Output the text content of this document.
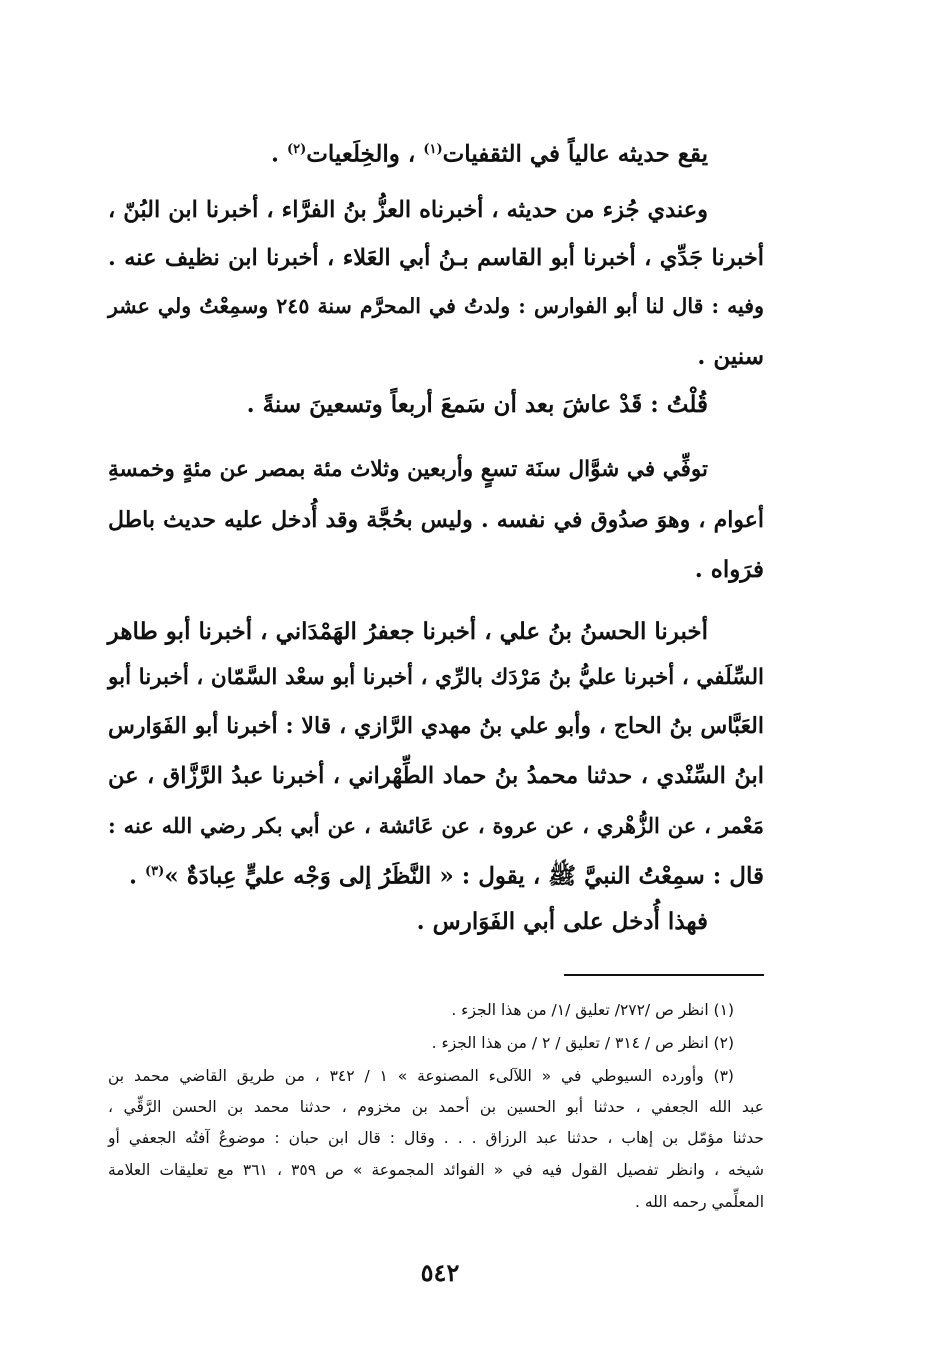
يقع حديثه عالياً في الثقفيات$^{(١)}$ ، والخِلَعيات$^{(٢)}$ .
وعندي جُزء من حديثه ، أخبرناه العزُّ بنُ الفرَّاء ، أخبرنا ابن البُنّ ،
أخبرنا جَدِّي ، أخبرنا أبو القاسم بـنُ أبي العَلاء ، أخبرنا ابن نظيف عنه .
وفيه : قال لنا أبو الفوارس : ولدتُ في المحرَّم سنة ٢٤٥ وسمِعْتُ ولي عشر
سنين .
قُلْتُ : قَدْ عاشَ بعد أن سَمعَ أربعاً وتسعينَ سنةً .
توفِّي في شوَّال سنَة تسعٍ وأربعين وثلاث مئة بمصر عن مئةٍ وخمسةِ
أعوام ، وهوَ صدُوق في نفسه . وليس بحُجَّة وقد أُدخل عليه حديث باطل
فرَواه .
أخبرنا الحسنُ بنُ علي ، أخبرنا جعفرُ الهَمْدَاني ، أخبرنا أبو طاهر
السِّلَفي ، أخبرنا عليُّ بنُ مَرْدَك بالرِّي ، أخبرنا أبو سعْد السَّمّان ، أخبرنا أبو
العَبَّاس بنُ الحاج ، وأبو علي بنُ مهدي الرَّازي ، قالا : أخبرنا أبو الفَوَارس
ابنُ السِّنْدي ، حدثنا محمدُ بنُ حماد الطِّهْراني ، أخبرنا عبدُ الرَّزَّاق ، عن
مَعْمر ، عن الزُّهْري ، عن عروة ، عن عَائشة ، عن أبي بكر رضي الله عنه :
قال : سمِعْتُ النبيَّ ﷺ ، يقول : « النَّظَرُ إلى وَجْه عليٍّ عِبادَةٌ »$^{(٣)}$ .
فهذا أُدخل على أبي الفَوَارس .
(١) انظر ص /٢٧٢/ تعليق /١/ من هذا الجزء .
(٢) انظر ص / ٣١٤ / تعليق / ٢ / من هذا الجزء .
(٣) وأورده السيوطي في « اللآلىء المصنوعة » ١ / ٣٤٢ ، من طريق القاضي محمد بن
عبد الله الجعفي ، حدثنا أبو الحسين بن أحمد بن مخزوم ، حدثنا محمد بن الحسن الرَّقِّي ،
حدثنا مؤمّل بن إهاب ، حدثنا عبد الرزاق . . . وقال : قال ابن حبان : موضوعٌ آفتُه الجعفي أو
شيخه ، وانظر تفصيل القول فيه في « الفوائد المجموعة » ص ٣٥٩ ، ٣٦١ مع تعليقات العلامة
المعلِّمي رحمه الله .
٥٤٢
